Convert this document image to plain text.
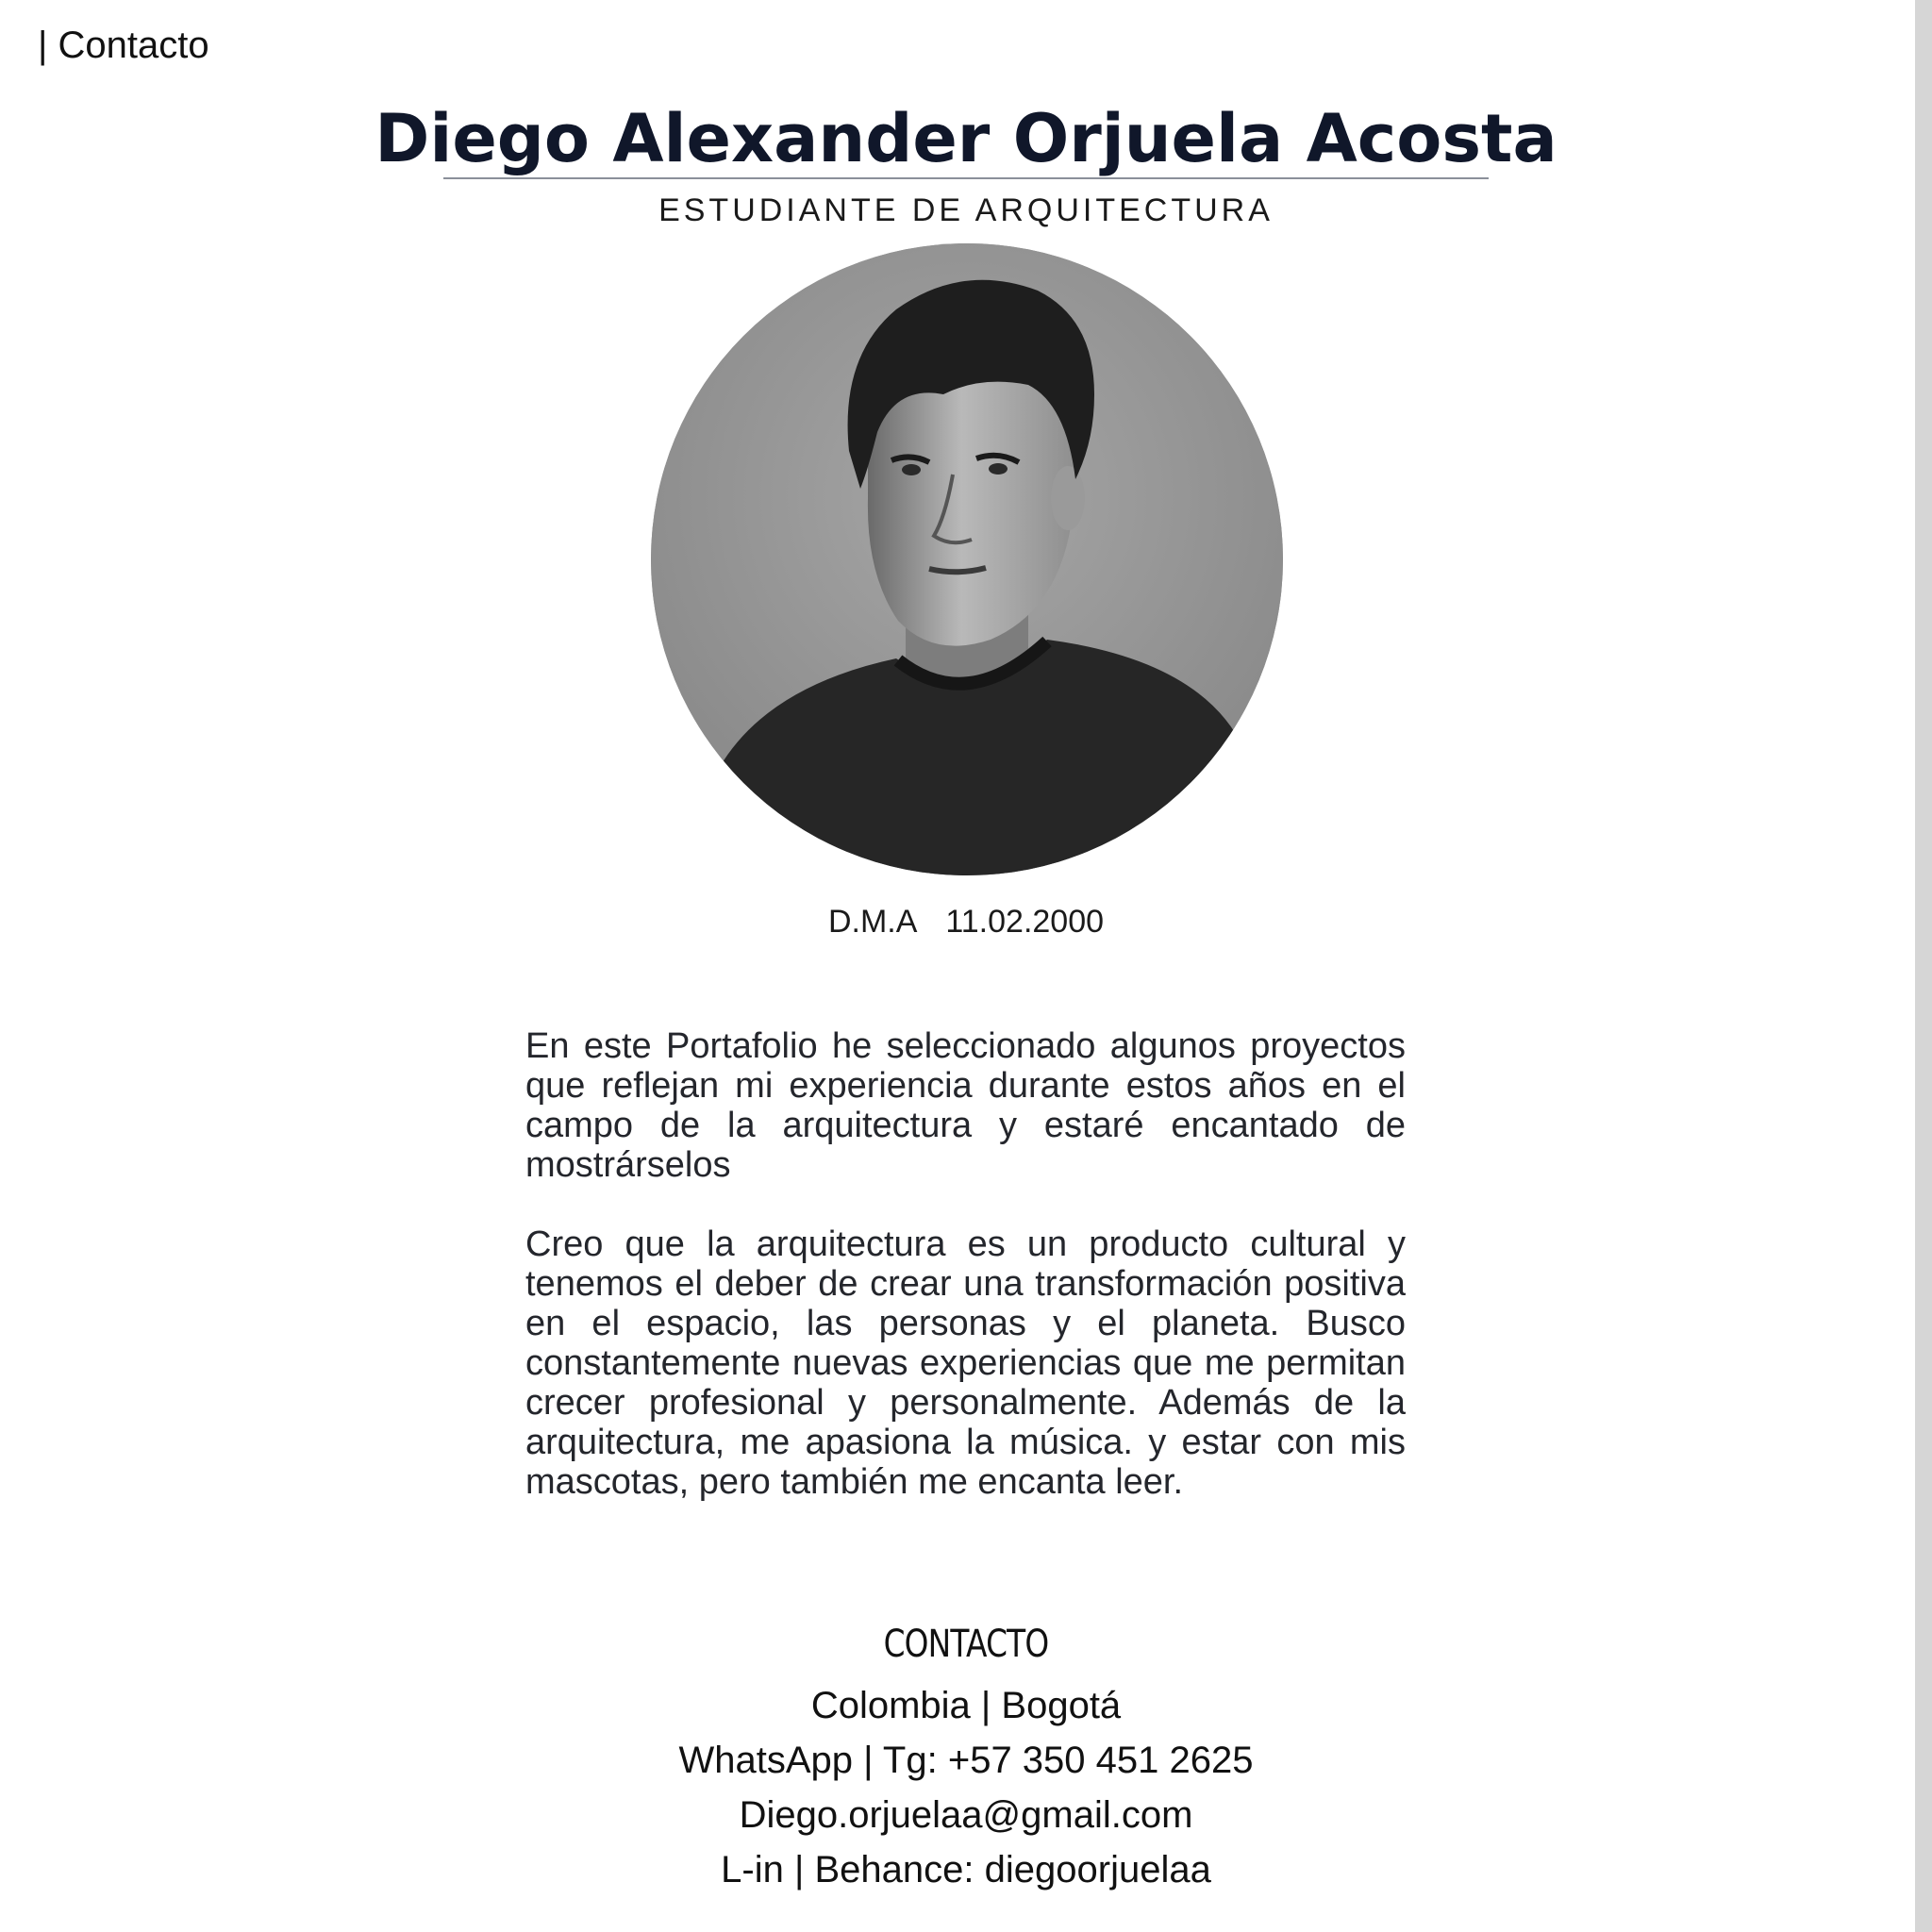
| Contacto
Diego Alexander Orjuela Acosta
ESTUDIANTE DE ARQUITECTURA
D.M.A 11.02.2000
En este Portafolio he seleccionado algunos proyectos que reflejan mi experiencia durante estos años en el campo de la arquitectura y estaré encantado de mostrárselos
Creo que la arquitectura es un producto cultural y tenemos el deber de crear una transformación positiva en el espacio, las personas y el planeta. Busco constantemente nuevas experiencias que me permitan crecer profesional y personalmente. Además de la arquitectura, me apasiona la música. y estar con mis mascotas, pero también me encanta leer.
CONTACTO
Colombia | Bogotá
WhatsApp | Tg: +57 350 451 2625
Diego.orjuelaa@gmail.com
L-in | Behance: diegoorjuelaa
